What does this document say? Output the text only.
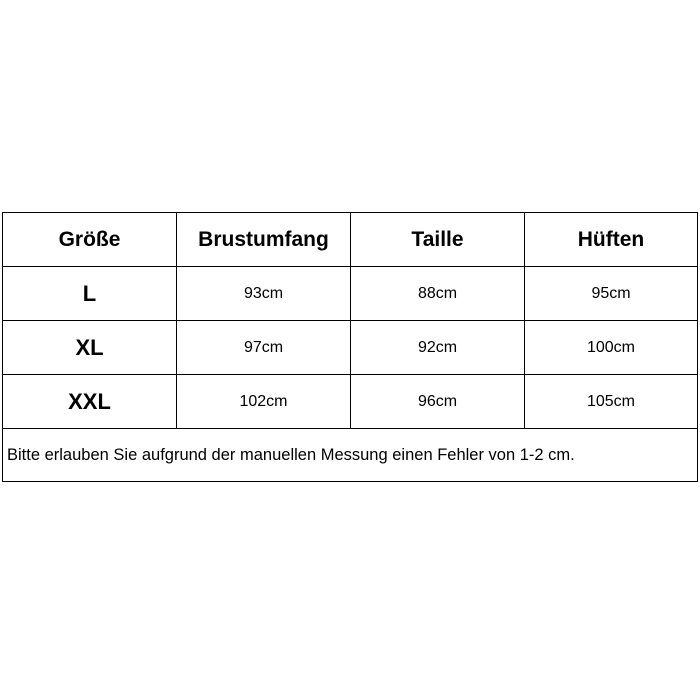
Größe	Brustumfang	Taille	Hüften
L	93cm	88cm	95cm
XL	97cm	92cm	100cm
XXL	102cm	96cm	105cm
Bitte erlauben Sie aufgrund der manuellen Messung einen Fehler von 1-2 cm.			
